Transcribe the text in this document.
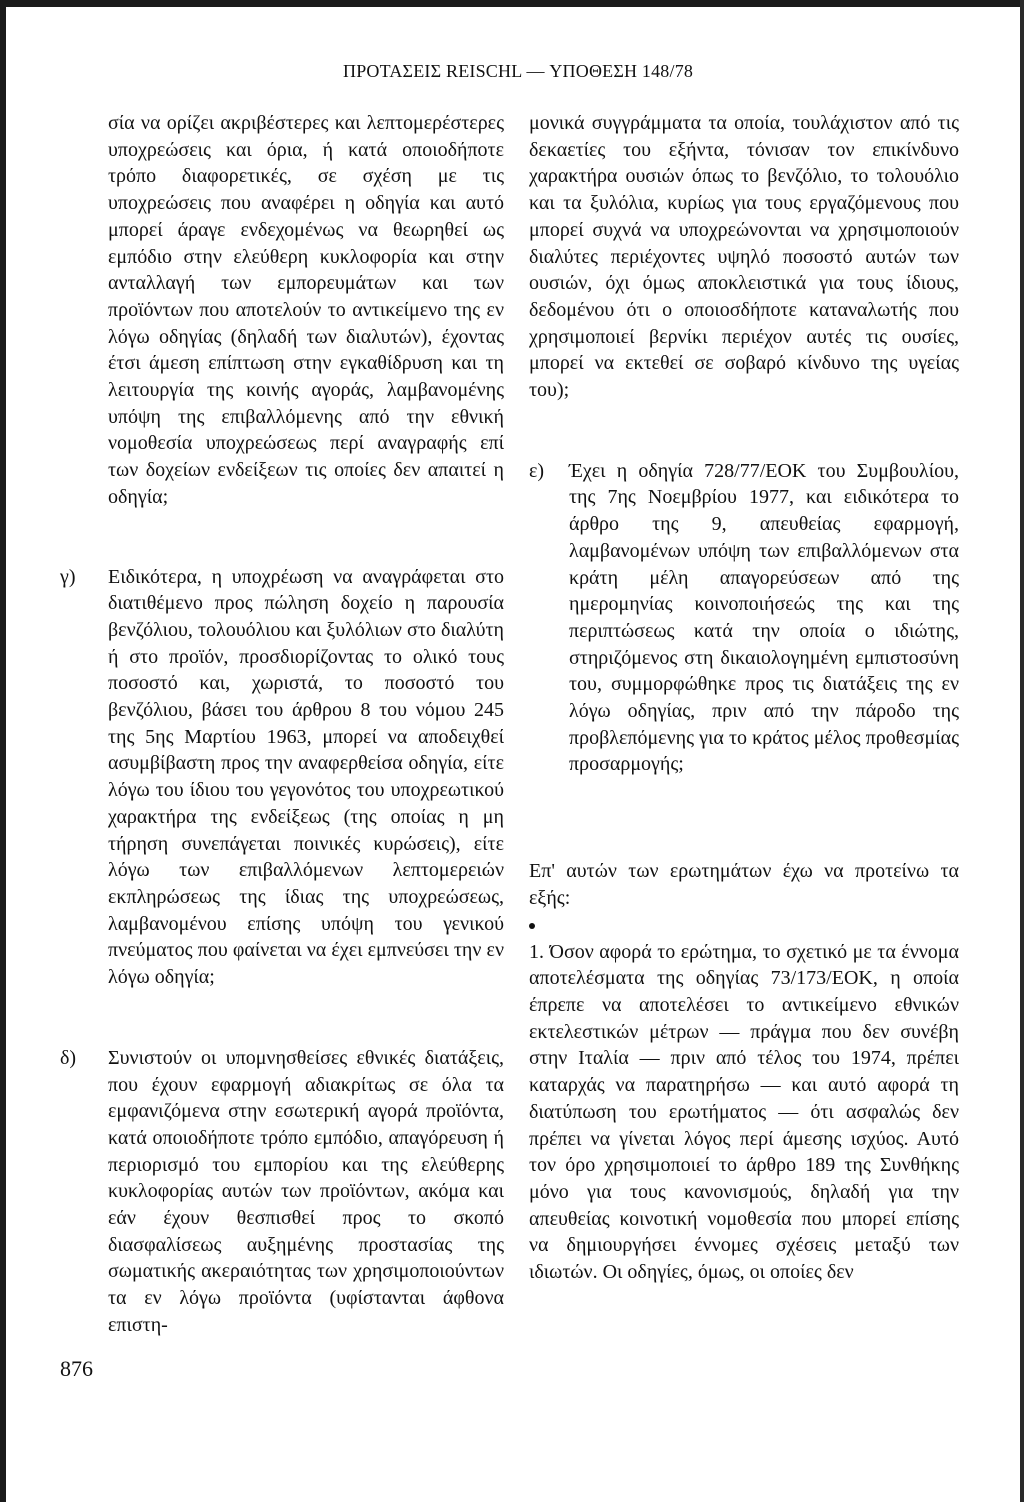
ΠΡΟΤΑΣΕΙΣ REISCHL — ΥΠΟΘΕΣΗ 148/78

σία να ορίζει ακριβέστερες και λεπτομερέστερες υποχρεώσεις και όρια, ή κατά οποιοδήποτε τρόπο διαφορετικές, σε σχέση με τις υποχρεώσεις που αναφέρει η οδηγία και αυτό μπορεί άραγε ενδεχομένως να θεωρηθεί ως εμπόδιο στην ελεύθερη κυκλοφορία και στην ανταλλαγή των εμπορευμάτων και των προϊόντων που αποτελούν το αντικείμενο της εν λόγω οδηγίας (δηλαδή των διαλυτών), έχοντας έτσι άμεση επίπτωση στην εγκαθίδρυση και τη λειτουργία της κοινής αγοράς, λαμβανομένης υπόψη της επιβαλλόμενης από την εθνική νομοθεσία υποχρεώσεως περί αναγραφής επί των δοχείων ενδείξεων τις οποίες δεν απαιτεί η οδηγία;

γ)	Ειδικότερα, η υποχρέωση να αναγράφεται στο διατιθέμενο προς πώληση δοχείο η παρουσία βενζόλιου, τολουόλιου και ξυλόλιων στο διαλύτη ή στο προϊόν, προσδιορίζοντας το ολικό τους ποσοστό και, χωριστά, το ποσοστό του βενζόλιου, βάσει του άρθρου 8 του νόμου 245 της 5ης Μαρτίου 1963, μπορεί να αποδειχθεί ασυμβίβαστη προς την αναφερθείσα οδηγία, είτε λόγω του ίδιου του γεγονότος του υποχρεωτικού χαρακτήρα της ενδείξεως (της οποίας η μη τήρηση συνεπάγεται ποινικές κυρώσεις), είτε λόγω των επιβαλλόμενων λεπτομερειών εκπληρώσεως της ίδιας της υποχρεώσεως, λαμβανομένου επίσης υπόψη του γενικού πνεύματος που φαίνεται να έχει εμπνεύσει την εν λόγω οδηγία;
δ)	Συνιστούν οι υπομνησθείσες εθνικές διατάξεις, που έχουν εφαρμογή αδιακρίτως σε όλα τα εμφανιζόμενα στην εσωτερική αγορά προϊόντα, κατά οποιοδήποτε τρόπο εμπόδιο, απαγόρευση ή περιορισμό του εμπορίου και της ελεύθερης κυκλοφορίας αυτών των προϊόντων, ακόμα και εάν έχουν θεσπισθεί προς το σκοπό διασφαλίσεως αυξημένης προστασίας της σωματικής ακεραιότητας των χρησιμοποιούντων τα εν λόγω προϊόντα (υφίστανται άφθονα επιστη-

μονικά συγγράμματα τα οποία, τουλάχιστον από τις δεκαετίες του εξήντα, τόνισαν τον επικίνδυνο χαρακτήρα ουσιών όπως το βενζόλιο, το τολουόλιο και τα ξυλόλια, κυρίως για τους εργαζόμενους που μπορεί συχνά να υποχρεώνονται να χρησιμοποιούν διαλύτες περιέχοντες υψηλό ποσοστό αυτών των ουσιών, όχι όμως αποκλειστικά για τους ίδιους, δεδομένου ότι ο οποιοσδήποτε καταναλωτής που χρησιμοποιεί βερνίκι περιέχον αυτές τις ουσίες, μπορεί να εκτεθεί σε σοβαρό κίνδυνο της υγείας του);

ε)	Έχει η οδηγία 728/77/ΕΟΚ του Συμβουλίου, της 7ης Νοεμβρίου 1977, και ειδικότερα το άρθρο της 9, απευθείας εφαρμογή, λαμβανομένων υπόψη των επιβαλλόμενων στα κράτη μέλη απαγορεύσεων από της ημερομηνίας κοινοποιήσεώς της και της περιπτώσεως κατά την οποία ο ιδιώτης, στηριζόμενος στη δικαιολογημένη εμπιστοσύνη του, συμμορφώθηκε προς τις διατάξεις της εν λόγω οδηγίας, πριν από την πάροδο της προβλεπόμενης για το κράτος μέλος προθεσμίας προσαρμογής;

Επ' αυτών των ερωτημάτων έχω να προτείνω τα εξής:

1. Όσον αφορά το ερώτημα, το σχετικό με τα έννομα αποτελέσματα της οδηγίας 73/173/ΕΟΚ, η οποία έπρεπε να αποτελέσει το αντικείμενο εθνικών εκτελεστικών μέτρων — πράγμα που δεν συνέβη στην Ιταλία — πριν από τέλος του 1974, πρέπει καταρχάς να παρατηρήσω — και αυτό αφορά τη διατύπωση του ερωτήματος — ότι ασφαλώς δεν πρέπει να γίνεται λόγος περί άμεσης ισχύος. Αυτό τον όρο χρησιμοποιεί το άρθρο 189 της Συνθήκης μόνο για τους κανονισμούς, δηλαδή για την απευθείας κοινοτική νομοθεσία που μπορεί επίσης να δημιουργήσει έννομες σχέσεις μεταξύ των ιδιωτών. Οι οδηγίες, όμως, οι οποίες δεν

876
